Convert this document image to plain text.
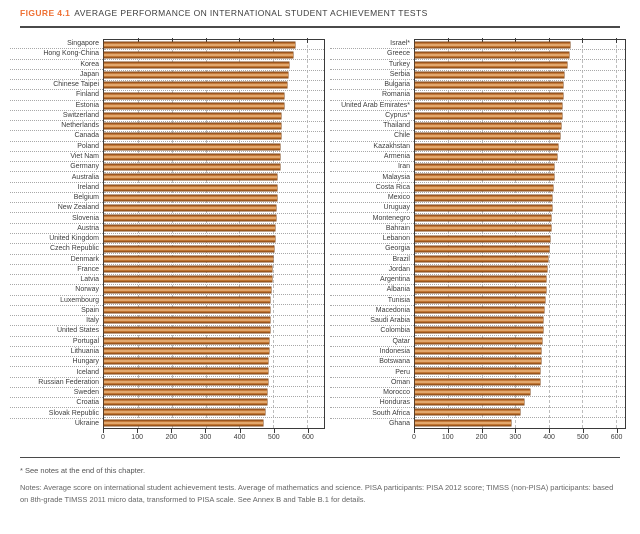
FIGURE 4.1 AVERAGE PERFORMANCE ON INTERNATIONAL STUDENT ACHIEVEMENT TESTS
Singapore
Hong Kong-China
Korea
Japan
Chinese Taipei
Finland
Estonia
Switzerland
Netherlands
Canada
Poland
Viet Nam
Germany
Australia
Ireland
Belgium
New Zealand
Slovenia
Austria
United Kingdom
Czech Republic
Denmark
France
Latvia
Norway
Luxembourg
Spain
Italy
United States
Portugal
Lithuania
Hungary
Iceland
Russian Federation
Sweden
Croatia
Slovak Republic
Ukraine
0	100	200	300	400	500	600
Israel*
Greece
Turkey
Serbia
Bulgaria
Romania
United Arab Emirates*
Cyprus*
Thailand
Chile
Kazakhstan
Armenia
Iran
Malaysia
Costa Rica
Mexico
Uruguay
Montenegro
Bahrain
Lebanon
Georgia
Brazil
Jordan
Argentina
Albania
Tunisia
Macedonia
Saudi Arabia
Colombia
Qatar
Indonesia
Botswana
Peru
Oman
Morocco
Honduras
South Africa
Ghana
0	100	200	300	400	500	600
* See notes at the end of this chapter.
Notes: Average score on international student achievement tests. Average of mathematics and science. PISA participants: PISA 2012 score; TIMSS (non-PISA) participants: based on 8th-grade TIMSS 2011 micro data, transformed to PISA scale. See Annex B and Table B.1 for details.
